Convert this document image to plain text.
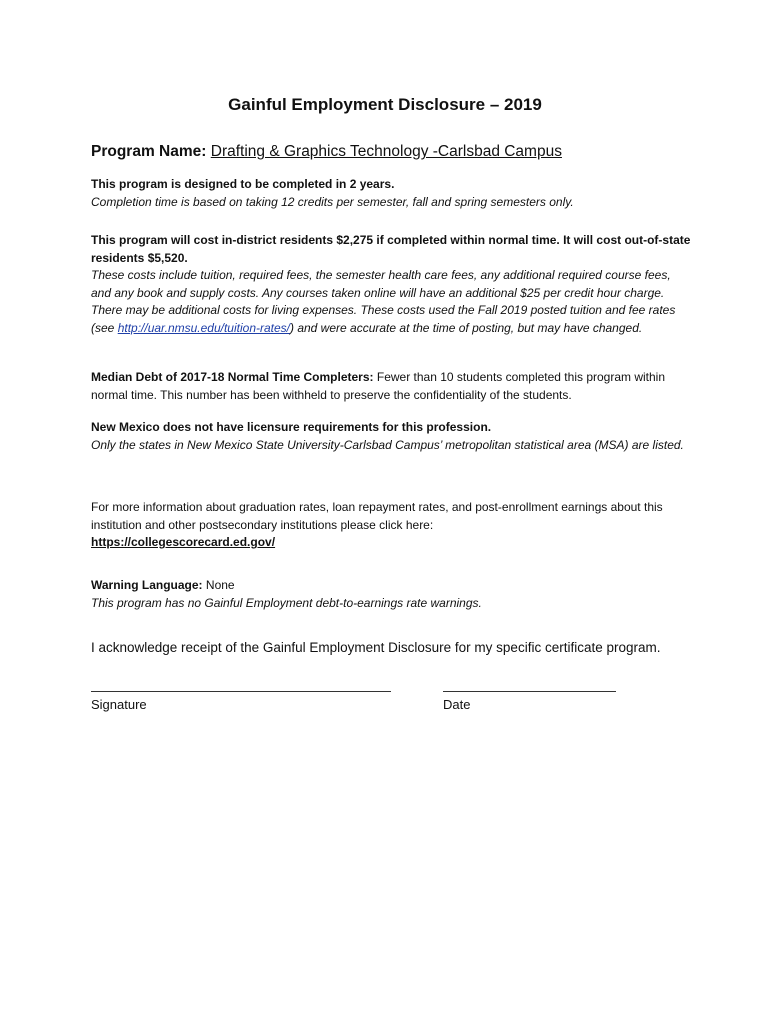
Gainful Employment Disclosure – 2019

Program Name: Drafting & Graphics Technology -Carlsbad Campus

This program is designed to be completed in 2 years.
Completion time is based on taking 12 credits per semester, fall and spring semesters only.

This program will cost in-district residents $2,275 if completed within normal time. It will cost out-of-state residents $5,520.
These costs include tuition, required fees, the semester health care fees, any additional required course fees, and any book and supply costs. Any courses taken online will have an additional $25 per credit hour charge. There may be additional costs for living expenses. These costs used the Fall 2019 posted tuition and fee rates (see http://uar.nmsu.edu/tuition-rates/) and were accurate at the time of posting, but may have changed.

Median Debt of 2017-18 Normal Time Completers: Fewer than 10 students completed this program within normal time. This number has been withheld to preserve the confidentiality of the students.

New Mexico does not have licensure requirements for this profession.
Only the states in New Mexico State University-Carlsbad Campus’ metropolitan statistical area (MSA) are listed.

For more information about graduation rates, loan repayment rates, and post-enrollment earnings about this institution and other postsecondary institutions please click here:
https://collegescorecard.ed.gov/

Warning Language: None
This program has no Gainful Employment debt-to-earnings rate warnings.

I acknowledge receipt of the Gainful Employment Disclosure for my specific certificate program.

Signature	Date
